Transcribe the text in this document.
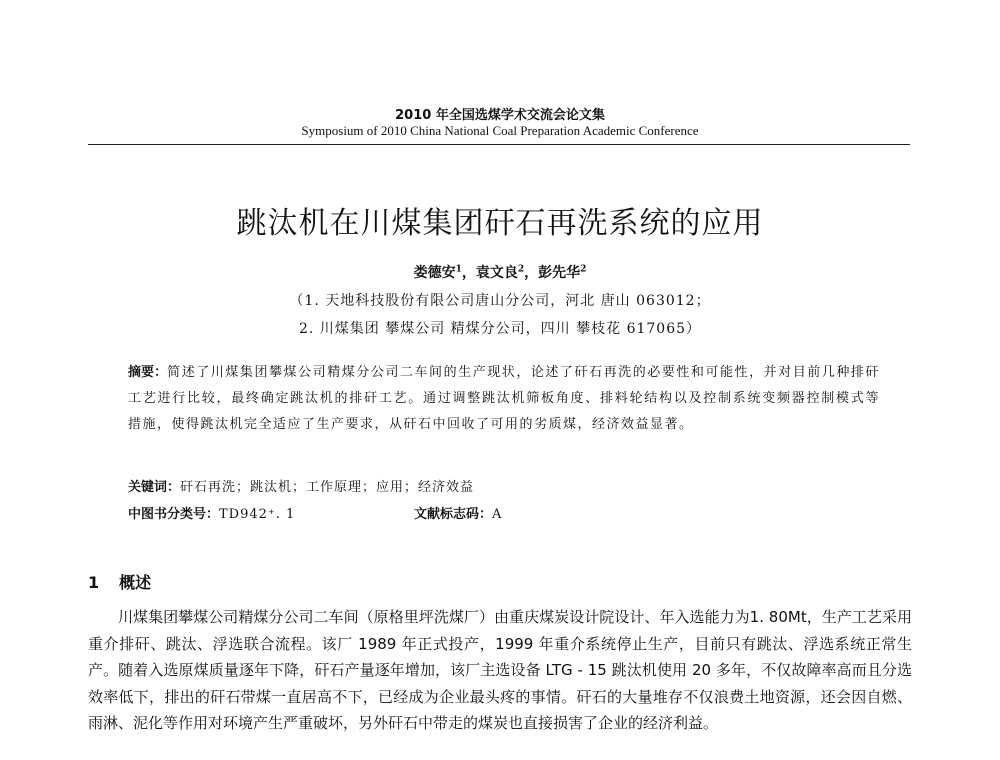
2010 年全国选煤学术交流会论文集
Symposium of 2010 China National Coal Preparation Academic Conference
跳汰机在川煤集团矸石再洗系统的应用
娄德安$^1$，袁文良$^2$，彭先华$^2$
（1. 天地科技股份有限公司唐山分公司，河北 唐山 063012；
2. 川煤集团 攀煤公司 精煤分公司，四川 攀枝花 617065）
摘要：简述了川煤集团攀煤公司精煤分公司二车间的生产现状，论述了矸石再洗的必要性和可能性，并对目前几种排矸工艺进行比较，最终确定跳汰机的排矸工艺。通过调整跳汰机筛板角度、排料轮结构以及控制系统变频器控制模式等措施，使得跳汰机完全适应了生产要求，从矸石中回收了可用的劣质煤，经济效益显著。
关键词：矸石再洗；跳汰机；工作原理；应用；经济效益
中图书分类号：TD942⁺. 1	文献标志码：A
1 概述
川煤集团攀煤公司精煤分公司二车间（原格里坪洗煤厂）由重庆煤炭设计院设计、年入选能力为1. 80Mt，生产工艺采用重介排矸、跳汰、浮选联合流程。该厂 1989 年正式投产，1999 年重介系统停止生产，目前只有跳汰、浮选系统正常生产。随着入选原煤质量逐年下降，矸石产量逐年增加，该厂主选设备 LTG - 15 跳汰机使用 20 多年，不仅故障率高而且分选效率低下，排出的矸石带煤一直居高不下，已经成为企业最头疼的事情。矸石的大量堆存不仅浪费土地资源，还会因自燃、雨淋、泥化等作用对环境产生严重破坏，另外矸石中带走的煤炭也直接损害了企业的经济利益。
